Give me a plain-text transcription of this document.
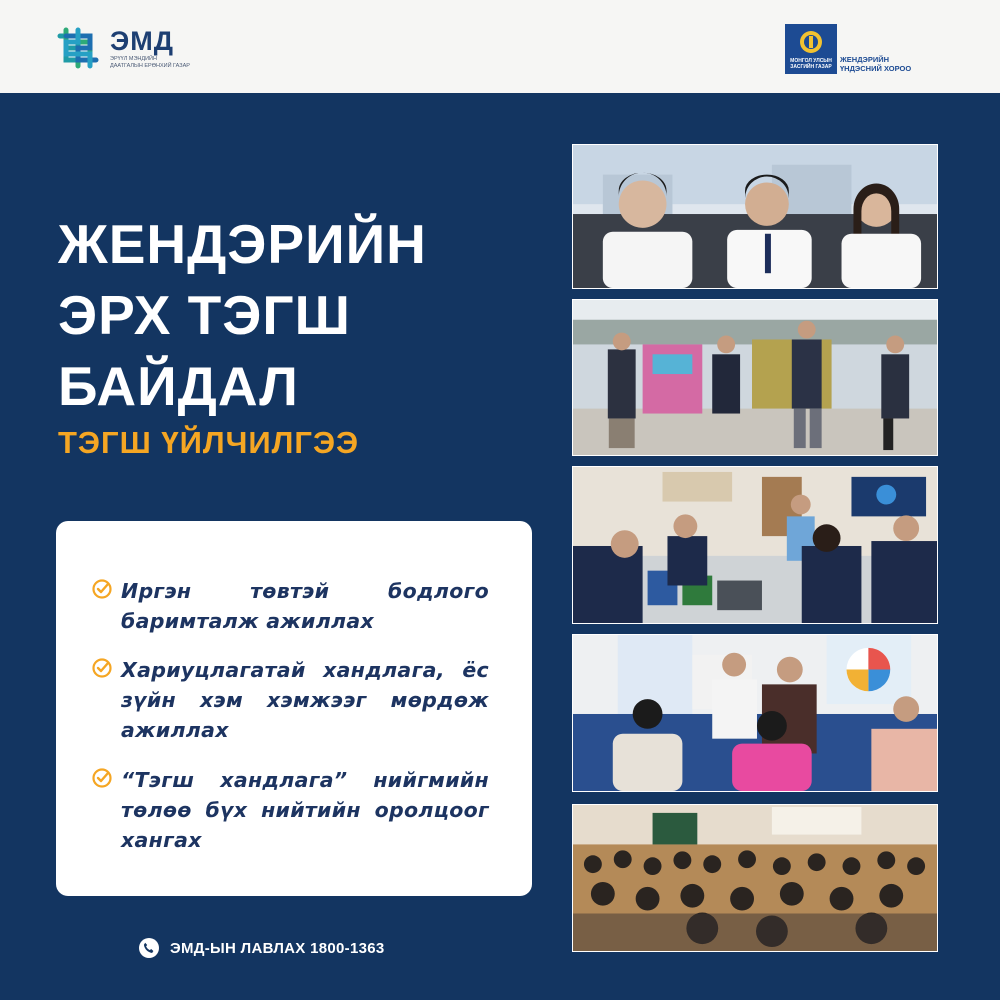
ЭМД
ЭРҮҮЛ МЭНДИЙН ДААТГАЛЫН ЕРӨНХИЙ ГАЗАР
МОНГОЛ УЛСЫН ЗАСГИЙН ГАЗАР
ЖЕНДЭРИЙН ҮНДЭСНИЙ ХОРОО
ЖЕНДЭРИЙН
ЭРХ ТЭГШ
БАЙДАЛ
ТЭГШ ҮЙЛЧИЛГЭЭ
Иргэн төвтэй бодлого баримталж ажиллах
Хариуцлагатай хандлага, ёс зүйн хэм хэмжээг мөрдөж ажиллах
“Тэгш хандлага” нийгмийн төлөө бүх нийтийн оролцоог хангах
ЭМД-ЫН ЛАВЛАХ 1800-1363
